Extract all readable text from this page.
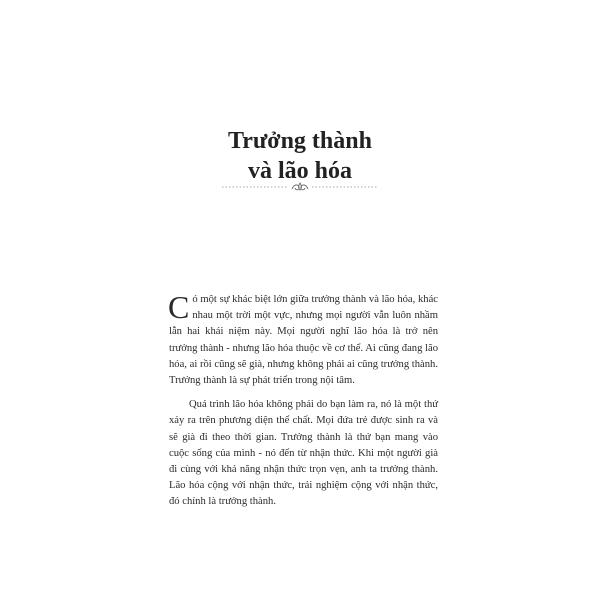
Trưởng thành
và lão hóa

Có một sự khác biệt lớn giữa trưởng thành và lão hóa, khác nhau một trời một vực, nhưng mọi người vẫn luôn nhầm lẫn hai khái niệm này. Mọi người nghĩ lão hóa là trở nên trưởng thành - nhưng lão hóa thuộc về cơ thể. Ai cũng đang lão hóa, ai rồi cũng sẽ già, nhưng không phải ai cũng trưởng thành. Trưởng thành là sự phát triển trong nội tâm.

Quá trình lão hóa không phải do bạn làm ra, nó là một thứ xảy ra trên phương diện thể chất. Mọi đứa trẻ được sinh ra và sẽ già đi theo thời gian. Trưởng thành là thứ bạn mang vào cuộc sống của mình - nó đến từ nhận thức. Khi một người già đi cùng với khả năng nhận thức trọn vẹn, anh ta trưởng thành. Lão hóa cộng với nhận thức, trải nghiệm cộng với nhận thức, đó chính là trưởng thành.
